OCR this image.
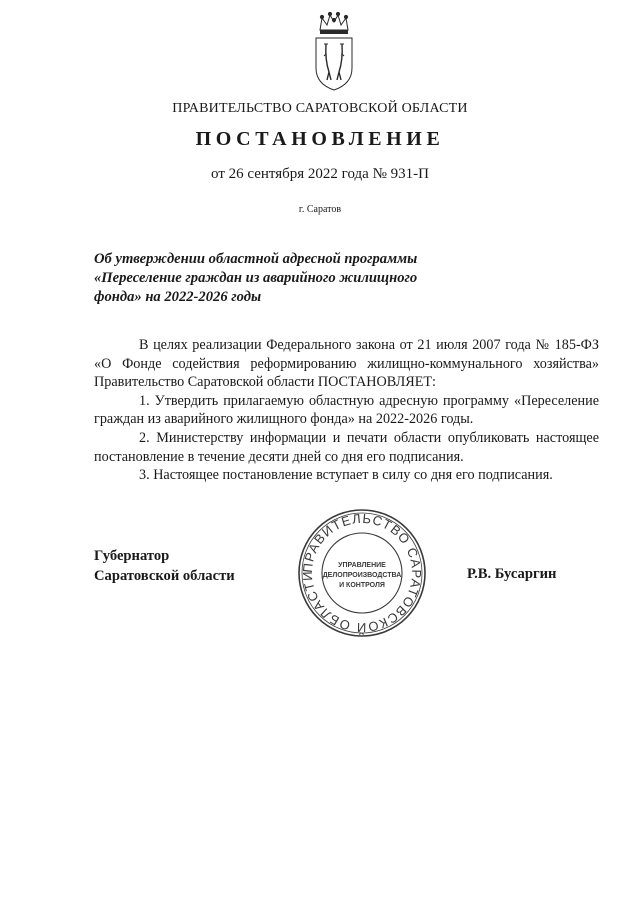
ПРАВИТЕЛЬСТВО САРАТОВСКОЙ ОБЛАСТИ
ПОСТАНОВЛЕНИЕ
от 26 сентября 2022 года № 931-П
г. Саратов
Об утверждении областной адресной программы
«Переселение граждан из аварийного жилищного
фонда» на 2022-2026 годы
В целях реализации Федерального закона от 21 июля 2007 года № 185-ФЗ
«О Фонде содействия реформированию жилищно-коммунального хозяйства»
Правительство Саратовской области ПОСТАНОВЛЯЕТ:
1. Утвердить прилагаемую областную адресную программу «Переселение
граждан из аварийного жилищного фонда» на 2022-2026 годы.
2. Министерству информации и печати области опубликовать настоящее
постановление в течение десяти дней со дня его подписания.
3. Настоящее постановление вступает в силу со дня его подписания.
Губернатор
Саратовской области	Р.В. Бусаргин
ПРАВИТЕЛЬСТВО САРАТОВСКОЙ ОБЛАСТИ
УПРАВЛЕНИЕ
ДЕЛОПРОИЗВОДСТВА
И КОНТРОЛЯ
